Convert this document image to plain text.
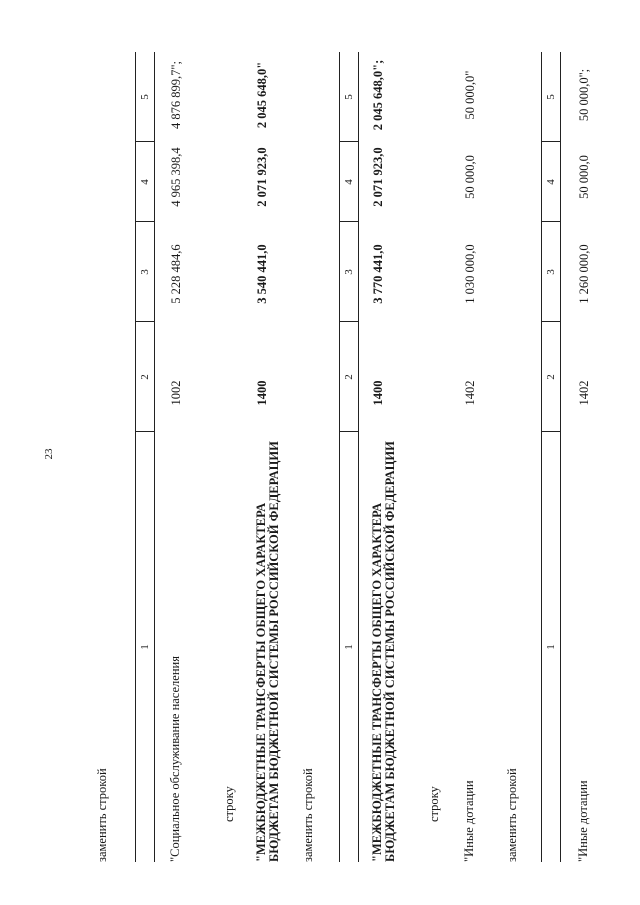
23
заменить строкой
1
2
3
4
5
"Социальное обслуживание населения
1002
5 228 484,6
4 965 398,4
4 876 899,7";
строку "МЕЖБЮДЖЕТНЫЕ ТРАНСФЕРТЫ ОБЩЕГО ХАРАКТЕРА БЮДЖЕТАМ БЮДЖЕТНОЙ СИСТЕМЫ РОССИЙСКОЙ ФЕДЕРАЦИИ
1400
3 540 441,0
2 071 923,0
2 045 648,0"
заменить строкой
1
2
3
4
5
"МЕЖБЮДЖЕТНЫЕ ТРАНСФЕРТЫ ОБЩЕГО ХАРАКТЕРА БЮДЖЕТАМ БЮДЖЕТНОЙ СИСТЕМЫ РОССИЙСКОЙ ФЕДЕРАЦИИ
1400
3 770 441,0
2 071 923,0
2 045 648,0";
строку "Иные дотации
1402
1 030 000,0
50 000,0
50 000,0"
заменить строкой
1
2
3
4
5
"Иные дотации
1402
1 260 000,0
50 000,0
50 000,0";
